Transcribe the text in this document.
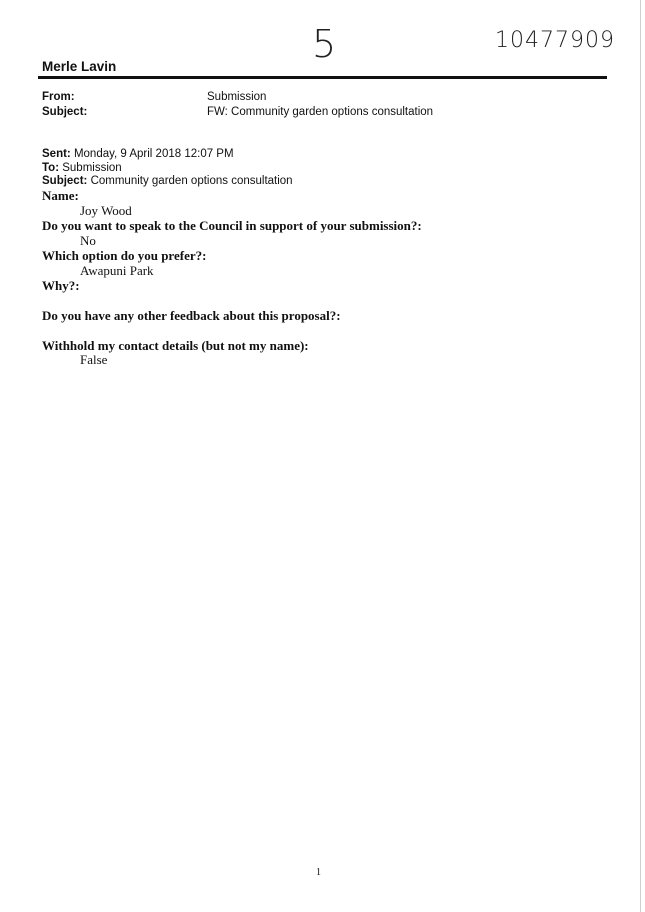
5	10477909
Merle Lavin
From:	Submission
Subject:	FW: Community garden options consultation
Sent: Monday, 9 April 2018 12:07 PM
To: Submission
Subject: Community garden options consultation
Name:
Joy Wood
Do you want to speak to the Council in support of your submission?:
No
Which option do you prefer?:
Awapuni Park
Why?:
Do you have any other feedback about this proposal?:
Withhold my contact details (but not my name):
False
1
